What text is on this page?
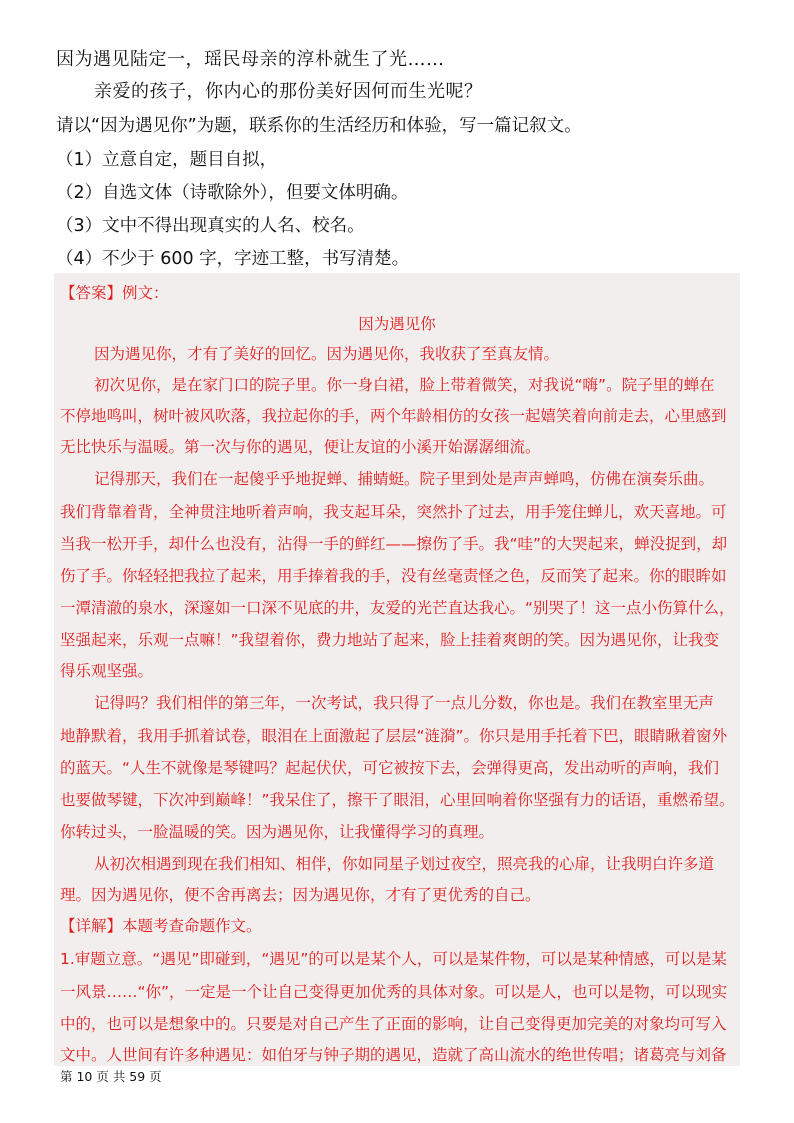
因为遇见陆定一，瑶民母亲的淳朴就生了光……
亲爱的孩子，你内心的那份美好因何而生光呢？
请以“因为遇见你”为题，联系你的生活经历和体验，写一篇记叙文。
（1）立意自定，题目自拟，
（2）自选文体（诗歌除外），但要文体明确。
（3）文中不得出现真实的人名、校名。
（4）不少于 600 字，字迹工整，书写清楚。
【答案】例文：
因为遇见你
因为遇见你，才有了美好的回忆。因为遇见你，我收获了至真友情。
初次见你，是在家门口的院子里。你一身白裙，脸上带着微笑，对我说“嗨”。院子里的蝉在
不停地鸣叫，树叶被风吹落，我拉起你的手，两个年龄相仿的女孩一起嬉笑着向前走去，心里感到
无比快乐与温暖。第一次与你的遇见，便让友谊的小溪开始潺潺细流。
记得那天，我们在一起傻乎乎地捉蝉、捕蜻蜓。院子里到处是声声蝉鸣，仿佛在演奏乐曲。
我们背靠着背，全神贯注地听着声响，我支起耳朵，突然扑了过去，用手笼住蝉儿，欢天喜地。可
当我一松开手，却什么也没有，沾得一手的鲜红——擦伤了手。我“哇”的大哭起来，蝉没捉到，却
伤了手。你轻轻把我拉了起来，用手捧着我的手，没有丝毫责怪之色，反而笑了起来。你的眼眸如
一潭清澈的泉水，深邃如一口深不见底的井，友爱的光芒直达我心。“别哭了！这一点小伤算什么，
坚强起来，乐观一点嘛！”我望着你，费力地站了起来，脸上挂着爽朗的笑。因为遇见你，让我变
得乐观坚强。
记得吗？我们相伴的第三年，一次考试，我只得了一点儿分数，你也是。我们在教室里无声
地静默着，我用手抓着试卷，眼泪在上面激起了层层“涟漪”。你只是用手托着下巴，眼睛瞅着窗外
的蓝天。“人生不就像是琴键吗？起起伏伏，可它被按下去，会弹得更高，发出动听的声响，我们
也要做琴键，下次冲到巅峰！”我呆住了，擦干了眼泪，心里回响着你坚强有力的话语，重燃希望。
你转过头，一脸温暖的笑。因为遇见你，让我懂得学习的真理。
从初次相遇到现在我们相知、相伴，你如同星子划过夜空，照亮我的心扉，让我明白许多道
理。因为遇见你，便不舍再离去；因为遇见你，才有了更优秀的自己。
【详解】本题考查命题作文。
1.审题立意。“遇见”即碰到，“遇见”的可以是某个人，可以是某件物，可以是某种情感，可以是某
一风景……“你”，一定是一个让自己变得更加优秀的具体对象。可以是人，也可以是物，可以现实
中的，也可以是想象中的。只要是对自己产生了正面的影响，让自己变得更加完美的对象均可写入
文中。人世间有许多种遇见：如伯牙与钟子期的遇见，造就了高山流水的绝世传唱；诸葛亮与刘备
第 10 页 共 59 页
